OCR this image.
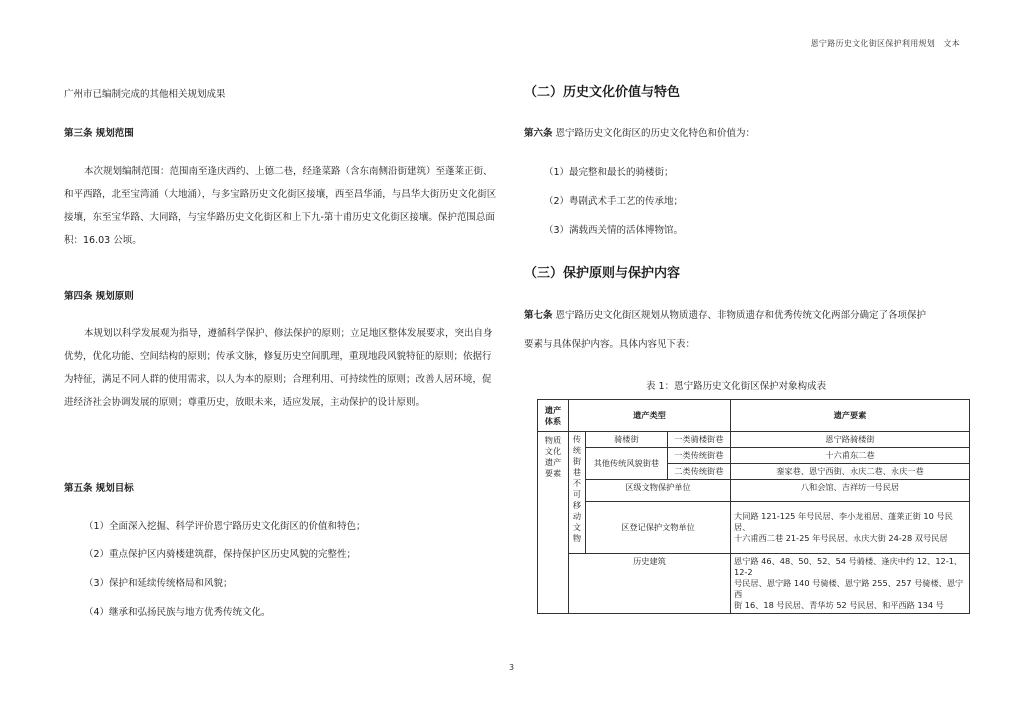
恩宁路历史文化街区保护利用规划　文本
广州市已编制完成的其他相关规划成果
第三条 规划范围
本次规划编制范围：范围南至逢庆西约、上德二巷，经逢菜路（含东南侧沿街建筑）至蓬莱正街、和平西路，北至宝湾涌（大地涌），与多宝路历史文化街区接壤，西至昌华涌，与昌华大街历史文化街区接壤，东至宝华路、大同路，与宝华路历史文化街区和上下九-第十甫历史文化街区接壤。保护范围总面积：16.03 公顷。
第四条 规划原则
本规划以科学发展观为指导，遵循科学保护、修法保护的原则；立足地区整体发展要求，突出自身优势，优化功能、空间结构的原则；传承文脉，修复历史空间肌理，重现地段风貌特征的原则；依据行为特征，满足不同人群的使用需求，以人为本的原则；合理利用、可持续性的原则；改善人居环境，促进经济社会协调发展的原则；尊重历史，放眼未来，适应发展，主动保护的设计原则。
第五条 规划目标
（1）全面深入挖掘、科学评价恩宁路历史文化街区的价值和特色；
（2）重点保护区内骑楼建筑群，保持保护区历史风貌的完整性；
（3）保护和延续传统格局和风貌；
（4）继承和弘扬民族与地方优秀传统文化。
（二）历史文化价值与特色
第六条 恩宁路历史文化街区的历史文化特色和价值为：
（1）最完整和最长的骑楼街；
（2）粤剧武术手工艺的传承地；
（3）满载西关情的活体博物馆。
（三）保护原则与保护内容
第七条 恩宁路历史文化街区规划从物质遗存、非物质遗存和优秀传统文化两部分确定了各项保护
要素与具体保护内容。具体内容见下表：
表 1：恩宁路历史文化街区保护对象构成表
遗产体系	遗产类型			遗产要素
物质文化遗产要素	传统街巷不可移动文物	骑楼街	一类骑楼街巷	恩宁路骑楼街
		其他传统风貌街巷	一类传统街巷	十六甫东二巷
			二类传统街巷	銮家巷、恩宁西街、永庆二巷、永庆一巷
		区级文物保护单位		八和会馆、吉祥坊一号民居
		区登记保护文物单位		大同路 121-125 年号民居、李小龙祖居、蓬莱正街 10 号民居、
十六甫西二巷 21-25 年号民居、永庆大街 24-28 双号民居

	历史建筑			恩宁路 46、48、50、52、54 号骑楼、逢庆中约 12、12-1、12-2
号民居、恩宁路 140 号骑楼、恩宁路 255、257 号骑楼、恩宁西
街 16、18 号民居、青华坊 52 号民居、和平西路 134 号
3
